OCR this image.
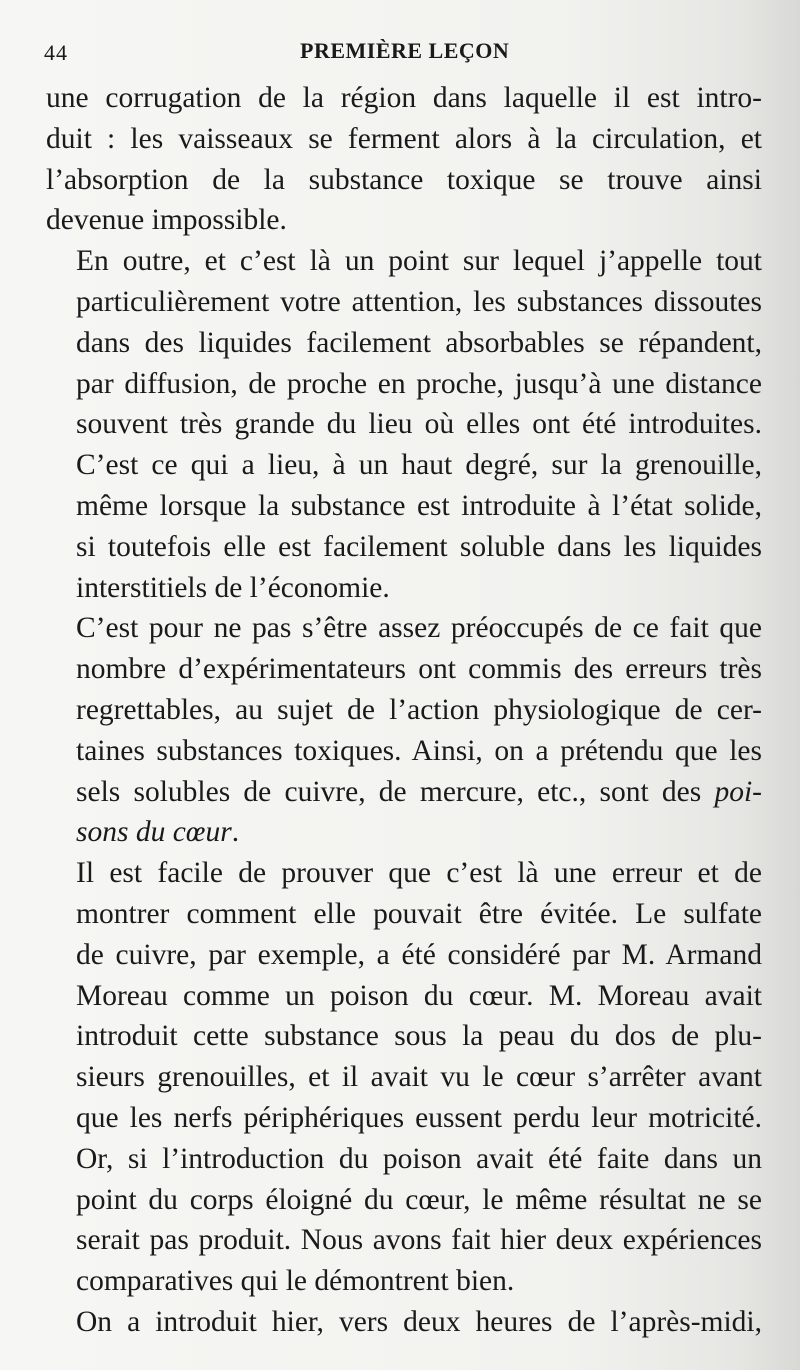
44	PREMIÈRE LEÇON
une corrugation de la région dans laquelle il est intro-
duit : les vaisseaux se ferment alors à la circulation, et
l’absorption de la substance toxique se trouve ainsi
devenue impossible.
En outre, et c’est là un point sur lequel j’appelle tout
particulièrement votre attention, les substances dissoutes
dans des liquides facilement absorbables se répandent,
par diffusion, de proche en proche, jusqu’à une distance
souvent très grande du lieu où elles ont été introduites.
C’est ce qui a lieu, à un haut degré, sur la grenouille,
même lorsque la substance est introduite à l’état solide,
si toutefois elle est facilement soluble dans les liquides
interstitiels de l’économie.
C’est pour ne pas s’être assez préoccupés de ce fait que
nombre d’expérimentateurs ont commis des erreurs très
regrettables, au sujet de l’action physiologique de cer-
taines substances toxiques. Ainsi, on a prétendu que les
sels solubles de cuivre, de mercure, etc., sont des poi-
sons du cœur.
Il est facile de prouver que c’est là une erreur et de
montrer comment elle pouvait être évitée. Le sulfate
de cuivre, par exemple, a été considéré par M. Armand
Moreau comme un poison du cœur. M. Moreau avait
introduit cette substance sous la peau du dos de plu-
sieurs grenouilles, et il avait vu le cœur s’arrêter avant
que les nerfs périphériques eussent perdu leur motricité.
Or, si l’introduction du poison avait été faite dans un
point du corps éloigné du cœur, le même résultat ne se
serait pas produit. Nous avons fait hier deux expériences
comparatives qui le démontrent bien.
On a introduit hier, vers deux heures de l’après-midi,
